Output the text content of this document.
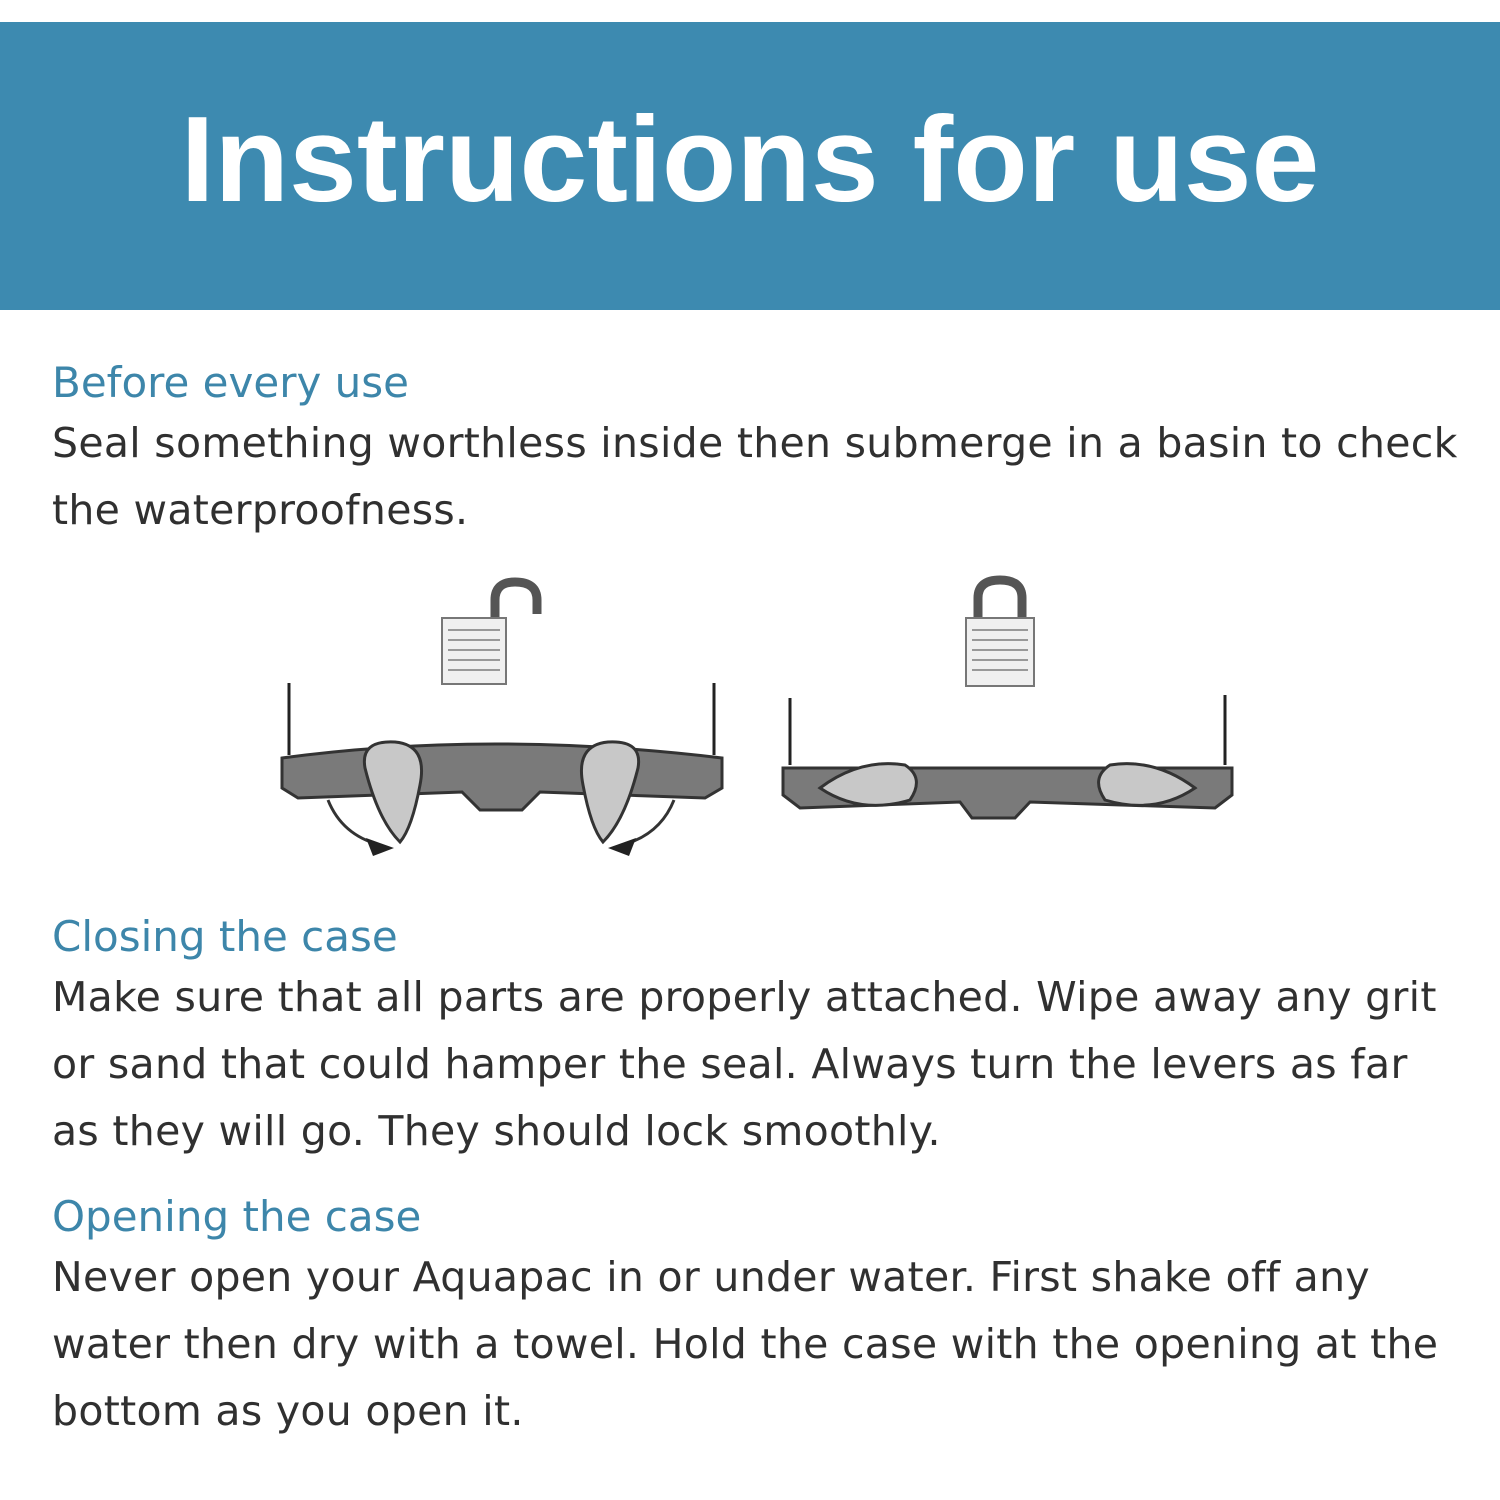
Instructions for use

Before every use

Seal something worthless inside then submerge in a basin to check the waterproofness.

Closing the case

Make sure that all parts are properly attached. Wipe away any grit or sand that could hamper the seal. Always turn the levers as far as they will go. They should lock smoothly.

Opening the case

Never open your Aquapac in or under water. First shake off any water then dry with a towel. Hold the case with the opening at the bottom as you open it.
